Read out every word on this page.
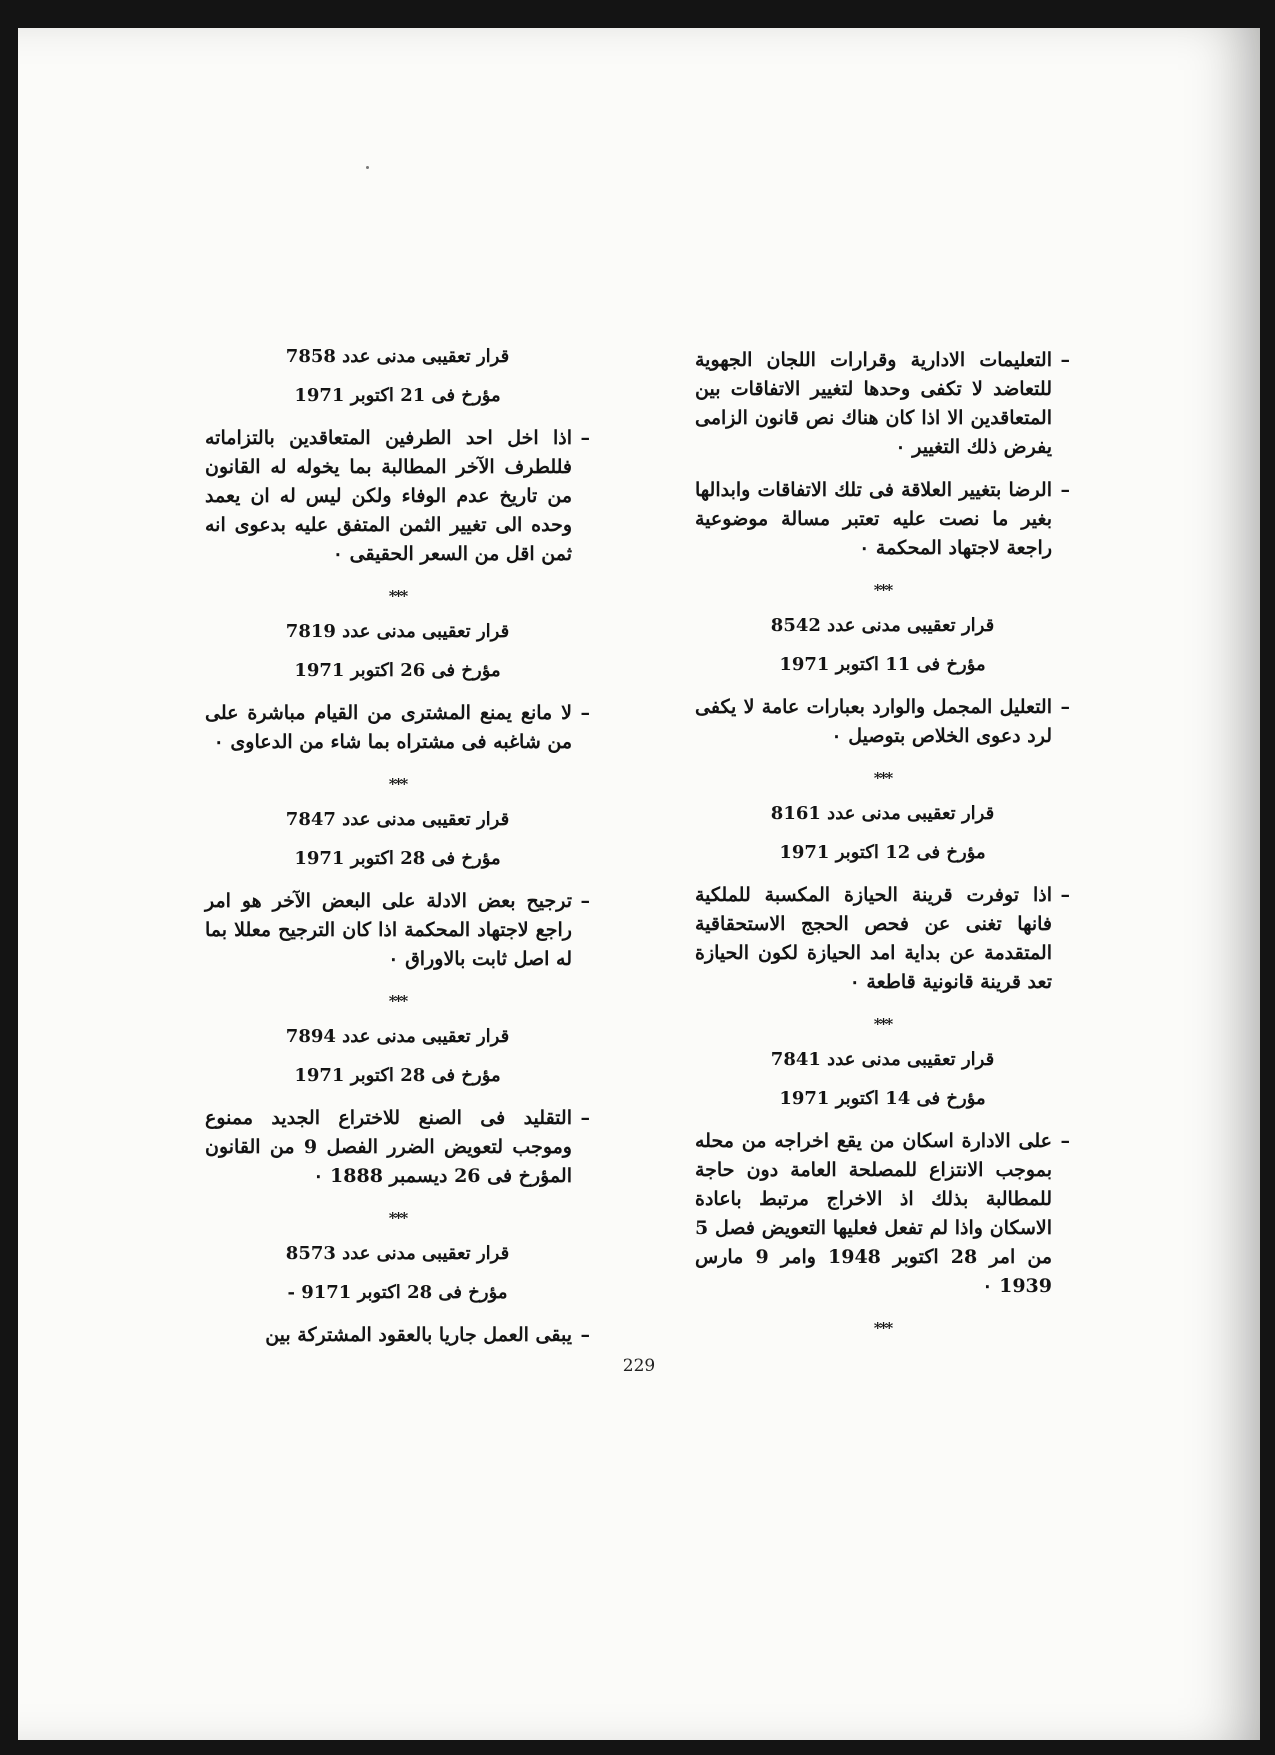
–
التعليمات الادارية وقرارات اللجان الجهوية للتعاضد لا تكفى وحدها لتغيير الاتفاقات بين المتعاقدين الا اذا كان هناك نص قانون الزامى يفرض ذلك التغيير ٠
–
الرضا بتغيير العلاقة فى تلك الاتفاقات وابدالها بغير ما نصت عليه تعتبر مسالة موضوعية راجعة لاجتهاد المحكمة ٠
⁎⁎⁎
قرار تعقيبى مدنى عدد 8542
مؤرخ فى 11 اكتوبر 1971
–
التعليل المجمل والوارد بعبارات عامة لا يكفى لرد دعوى الخلاص بتوصيل ٠
⁎⁎⁎
قرار تعقيبى مدنى عدد 8161
مؤرخ فى 12 اكتوبر 1971
–
اذا توفرت قرينة الحيازة المكسبة للملكية فانها تغنى عن فحص الحجج الاستحقاقية المتقدمة عن بداية امد الحيازة لكون الحيازة تعد قرينة قانونية قاطعة ٠
⁎⁎⁎
قرار تعقيبى مدنى عدد 7841
مؤرخ فى 14 اكتوبر 1971
–
على الادارة اسكان من يقع اخراجه من محله بموجب الانتزاع للمصلحة العامة دون حاجة للمطالبة بذلك اذ الاخراج مرتبط باعادة الاسكان واذا لم تفعل فعليها التعويض فصل 5 من امر 28 اكتوبر 1948 وامر 9 مارس 1939 ٠
⁎⁎⁎
قرار تعقيبى مدنى عدد 7858
مؤرخ فى 21 اكتوبر 1971
–
اذا اخل احد الطرفين المتعاقدين بالتزاماته فللطرف الآخر المطالبة بما يخوله له القانون من تاريخ عدم الوفاء ولكن ليس له ان يعمد وحده الى تغيير الثمن المتفق عليه بدعوى انه ثمن اقل من السعر الحقيقى ٠
⁎⁎⁎
قرار تعقيبى مدنى عدد 7819
مؤرخ فى 26 اكتوبر 1971
–
لا مانع يمنع المشترى من القيام مباشرة على من شاغبه فى مشتراه بما شاء من الدعاوى ٠
⁎⁎⁎
قرار تعقيبى مدنى عدد 7847
مؤرخ فى 28 اكتوبر 1971
–
ترجيح بعض الادلة على البعض الآخر هو امر راجع لاجتهاد المحكمة اذا كان الترجيح معللا بما له اصل ثابت بالاوراق ٠
⁎⁎⁎
قرار تعقيبى مدنى عدد 7894
مؤرخ فى 28 اكتوبر 1971
–
التقليد فى الصنع للاختراع الجديد ممنوع وموجب لتعويض الضرر الفصل 9 من القانون المؤرخ فى 26 ديسمبر 1888 ٠
⁎⁎⁎
قرار تعقيبى مدنى عدد 8573
مؤرخ فى 28 اكتوبر 9171 -
–
يبقى العمل جاريا بالعقود المشتركة بين
229
